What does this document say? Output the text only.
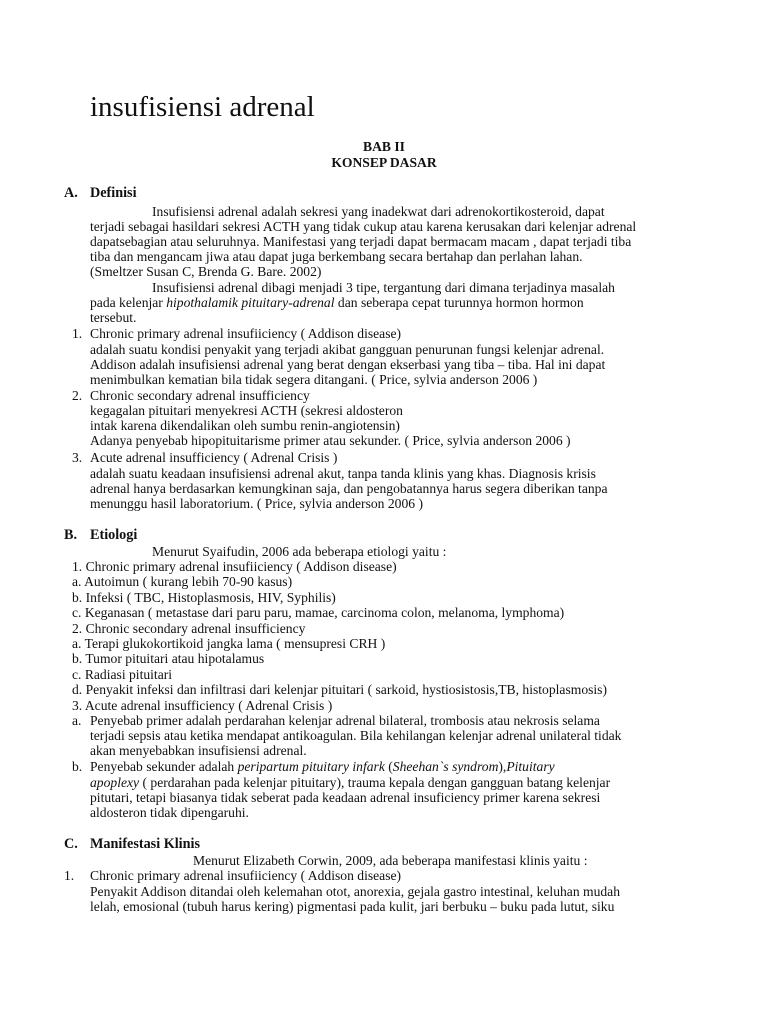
insufisiensi adrenal
BAB II
KONSEP DASAR
A. Definisi
Insufisiensi adrenal adalah sekresi yang inadekwat dari adrenokortikosteroid, dapat
terjadi sebagai hasildari sekresi ACTH yang tidak cukup atau karena kerusakan dari kelenjar adrenal
dapatsebagian atau seluruhnya. Manifestasi yang terjadi dapat bermacam macam , dapat terjadi tiba
tiba dan mengancam jiwa atau dapat juga berkembang secara bertahap dan perlahan lahan.
(Smeltzer Susan C, Brenda G. Bare. 2002)
Insufisiensi adrenal dibagi menjadi 3 tipe, tergantung dari dimana terjadinya masalah
pada kelenjar hipothalamik pituitary-adrenal dan seberapa cepat turunnya hormon hormon
tersebut.
1. Chronic primary adrenal insufiiciency ( Addison disease)
adalah suatu kondisi penyakit yang terjadi akibat gangguan penurunan fungsi kelenjar adrenal.
Addison adalah insufisiensi adrenal yang berat dengan ekserbasi yang tiba – tiba. Hal ini dapat
menimbulkan kematian bila tidak segera ditangani. ( Price, sylvia anderson 2006 )
2. Chronic secondary adrenal insufficiency
kegagalan pituitari menyekresi ACTH (sekresi aldosteron
intak karena dikendalikan oleh sumbu renin-angiotensin)
Adanya penyebab hipopituitarisme primer atau sekunder. ( Price, sylvia anderson 2006 )
3. Acute adrenal insufficiency ( Adrenal Crisis )
adalah suatu keadaan insufisiensi adrenal akut, tanpa tanda klinis yang khas. Diagnosis krisis
adrenal hanya berdasarkan kemungkinan saja, dan pengobatannya harus segera diberikan tanpa
menunggu hasil laboratorium. ( Price, sylvia anderson 2006 )
B. Etiologi
Menurut Syaifudin, 2006 ada beberapa etiologi yaitu :
1. Chronic primary adrenal insufiiciency ( Addison disease)
a. Autoimun ( kurang lebih 70-90 kasus)
b. Infeksi ( TBC, Histoplasmosis, HIV, Syphilis)
c. Keganasan ( metastase dari paru paru, mamae, carcinoma colon, melanoma, lymphoma)
2. Chronic secondary adrenal insufficiency
a. Terapi glukokortikoid jangka lama ( mensupresi CRH )
b. Tumor pituitari atau hipotalamus
c. Radiasi pituitari
d. Penyakit infeksi dan infiltrasi dari kelenjar pituitari ( sarkoid, hystiosistosis,TB, histoplasmosis)
3. Acute adrenal insufficiency ( Adrenal Crisis )
a. Penyebab primer adalah perdarahan kelenjar adrenal bilateral, trombosis atau nekrosis selama
terjadi sepsis atau ketika mendapat antikoagulan. Bila kehilangan kelenjar adrenal unilateral tidak
akan menyebabkan insufisiensi adrenal.
b. Penyebab sekunder adalah peripartum pituitary infark (Sheehan`s syndrom),Pituitary
apoplexy ( perdarahan pada kelenjar pituitary), trauma kepala dengan gangguan batang kelenjar
pitutari, tetapi biasanya tidak seberat pada keadaan adrenal insuficiency primer karena sekresi
aldosteron tidak dipengaruhi.
C. Manifestasi Klinis
Menurut Elizabeth Corwin, 2009, ada beberapa manifestasi klinis yaitu :
1. Chronic primary adrenal insufiiciency ( Addison disease)
Penyakit Addison ditandai oleh kelemahan otot, anorexia, gejala gastro intestinal, keluhan mudah
lelah, emosional (tubuh harus kering) pigmentasi pada kulit, jari berbuku – buku pada lutut, siku
